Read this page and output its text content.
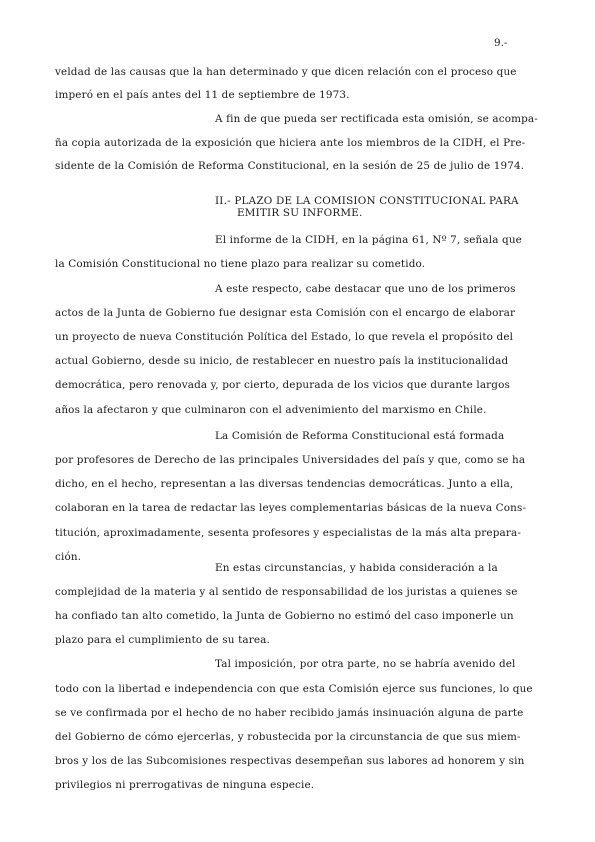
9.-
veldad de las causas que la han determinado y que dicen relación con el proceso que
imperó en el país antes del 11 de septiembre de 1973.
A fin de que pueda ser rectificada esta omisión, se acompa-
ña copia autorizada de la exposición que hiciera ante los miembros de la CIDH, el Pre-
sidente de la Comisión de Reforma Constitucional, en la sesión de 25 de julio de 1974.
II.- PLAZO DE LA COMISION CONSTITUCIONAL PARA
EMITIR SU INFORME.
El informe de la CIDH, en la página 61, Nº 7, señala que
la Comisión Constitucional no tiene plazo para realizar su cometido.
A este respecto, cabe destacar que uno de los primeros
actos de la Junta de Gobierno fue designar esta Comisión con el encargo de elaborar
un proyecto de nueva Constitución Política del Estado, lo que revela el propósito del
actual Gobierno, desde su inicio, de restablecer en nuestro país la institucionalidad
democrática, pero renovada y, por cierto, depurada de los vicios que durante largos
años la afectaron y que culminaron con el advenimiento del marxismo en Chile.
La Comisión de Reforma Constitucional está formada
por profesores de Derecho de las principales Universidades del país y que, como se ha
dicho, en el hecho, representan a las diversas tendencias democráticas. Junto a ella,
colaboran en la tarea de redactar las leyes complementarias básicas de la nueva Cons-
titución, aproximadamente, sesenta profesores y especialistas de la más alta prepara-
ción.
En estas circunstancias, y habida consideración a la
complejidad de la materia y al sentido de responsabilidad de los juristas a quienes se
ha confiado tan alto cometido, la Junta de Gobierno no estimó del caso imponerle un
plazo para el cumplimiento de su tarea.
Tal imposición, por otra parte, no se habría avenido del
todo con la libertad e independencia con que esta Comisión ejerce sus funciones, lo que
se ve confirmada por el hecho de no haber recibido jamás insinuación alguna de parte
del Gobierno de cómo ejercerlas, y robustecida por la circunstancia de que sus miem-
bros y los de las Subcomisiones respectivas desempeñan sus labores ad honorem y sin
privilegios ni prerrogativas de ninguna especie.
